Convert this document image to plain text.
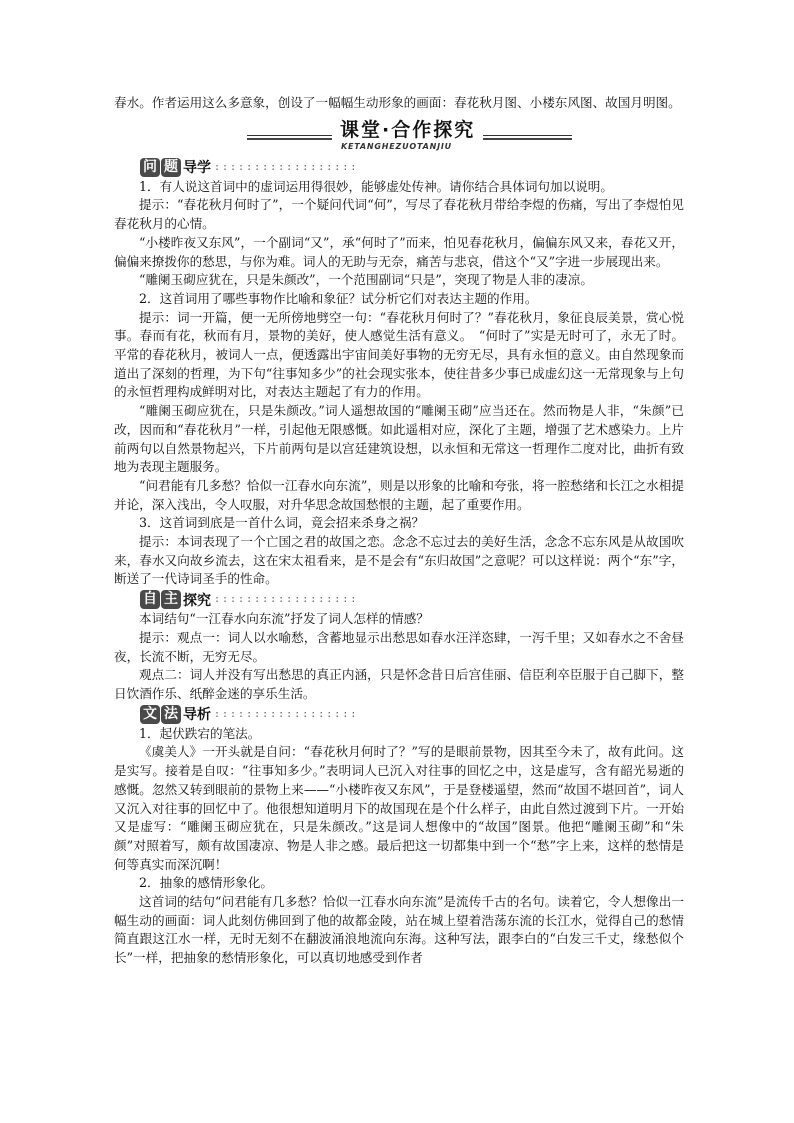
春水。作者运用这么多意象，创设了一幅幅生动形象的画面：春花秋月图、小楼东风图、故国月明图。

课堂·合作探究
KETANGHEZUOTANJIU
问 题 导学 ::::::::::::::::::

1．有人说这首词中的虚词运用得很妙，能够虚处传神。请你结合具体词句加以说明。

提示：“春花秋月何时了”，一个疑问代词“何”，写尽了春花秋月带给李煜的伤痛，写出了李煜怕见春花秋月的心情。

“小楼昨夜又东风”，一个副词“又”，承“何时了”而来，怕见春花秋月，偏偏东风又来，春花又开，偏偏来撩拨你的愁思，与你为难。词人的无助与无奈，痛苦与悲哀，借这个“又”字进一步展现出来。

“雕阑玉砌应犹在，只是朱颜改”，一个范围副词“只是”，突现了物是人非的凄凉。

2．这首词用了哪些事物作比喻和象征？试分析它们对表达主题的作用。

提示：词一开篇，便一无所傍地劈空一句：“春花秋月何时了？”春花秋月，象征良辰美景，赏心悦事。春而有花，秋而有月，景物的美好，使人感觉生活有意义。　“何时了”实是无时可了，永无了时。平常的春花秋月，被词人一点，便透露出宇宙间美好事物的无穷无尽，具有永恒的意义。由自然现象而道出了深刻的哲理，为下句“往事知多少”的社会现实张本，使往昔多少事已成虚幻这一无常现象与上句的永恒哲理构成鲜明对比，对表达主题起了有力的作用。

“雕阑玉砌应犹在，只是朱颜改。”词人遥想故国的“雕阑玉砌”应当还在。然而物是人非，“朱颜”已改，因而和“春花秋月”一样，引起他无限感慨。如此遥相对应，深化了主题，增强了艺术感染力。上片前两句以自然景物起兴，下片前两句是以宫廷建筑设想，以永恒和无常这一哲理作二度对比，曲折有致地为表现主题服务。

“问君能有几多愁？恰似一江春水向东流”，则是以形象的比喻和夸张，将一腔愁绪和长江之水相提并论，深入浅出，令人叹服，对升华思念故国愁恨的主题，起了重要作用。

3．这首词到底是一首什么词，竟会招来杀身之祸？

提示：本词表现了一个亡国之君的故国之恋。念念不忘过去的美好生活，念念不忘东风是从故国吹来，春水又向故乡流去，这在宋太祖看来，是不是会有“东归故国”之意呢？可以这样说：两个“东”字，断送了一代诗词圣手的性命。

自 主 探究 ::::::::::::::::::

本词结句“一江春水向东流”抒发了词人怎样的情感？

提示：观点一：词人以水喻愁，含蓄地显示出愁思如春水汪洋恣肆，一泻千里；又如春水之不舍昼夜，长流不断，无穷无尽。

观点二：词人并没有写出愁思的真正内涵，只是怀念昔日后宫佳丽、信臣利卒臣服于自己脚下，整日饮酒作乐、纸醉金迷的享乐生活。

文 法 导析 ::::::::::::::::::

1．起伏跌宕的笔法。

《虞美人》一开头就是自问：“春花秋月何时了？”写的是眼前景物，因其至今未了，故有此问。这是实写。接着是自叹：“往事知多少。”表明词人已沉入对往事的回忆之中，这是虚写，含有韶光易逝的感慨。忽然又转到眼前的景物上来——“小楼昨夜又东风”，于是登楼遥望，然而“故国不堪回首”，词人又沉入对往事的回忆中了。他很想知道明月下的故国现在是个什么样子，由此自然过渡到下片。一开始又是虚写：“雕阑玉砌应犹在，只是朱颜改。”这是词人想像中的“故国”图景。他把“雕阑玉砌”和“朱颜”对照着写，颇有故国凄凉、物是人非之感。最后把这一切都集中到一个“愁”字上来，这样的愁情是何等真实而深沉啊！

2．抽象的感情形象化。

这首词的结句“问君能有几多愁？恰似一江春水向东流”是流传千古的名句。读着它，令人想像出一幅生动的画面：词人此刻仿佛回到了他的故都金陵，站在城上望着浩荡东流的长江水，觉得自己的愁情简直跟这江水一样，无时无刻不在翻波涌浪地流向东海。这种写法，跟李白的“白发三千丈，缘愁似个长”一样，把抽象的愁情形象化，可以真切地感受到作者
